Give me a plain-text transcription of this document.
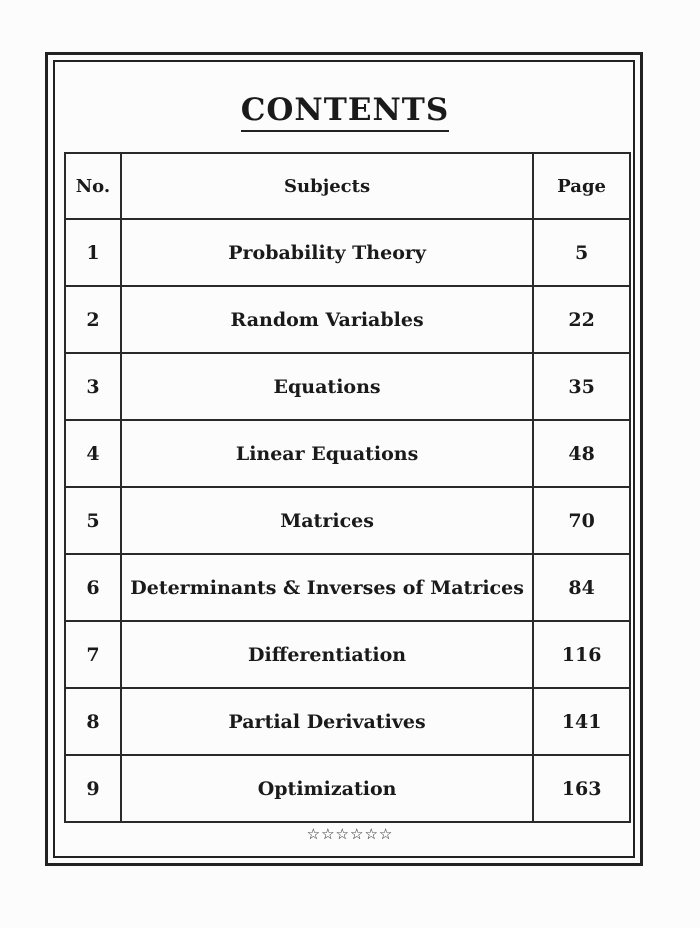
CONTENTS
No.	Subjects	Page
1	Probability Theory	5
2	Random Variables	22
3	Equations	35
4	Linear Equations	48
5	Matrices	70
6	Determinants & Inverses of Matrices	84
7	Differentiation	116
8	Partial Derivatives	141
9	Optimization	163
☆☆☆☆☆☆
